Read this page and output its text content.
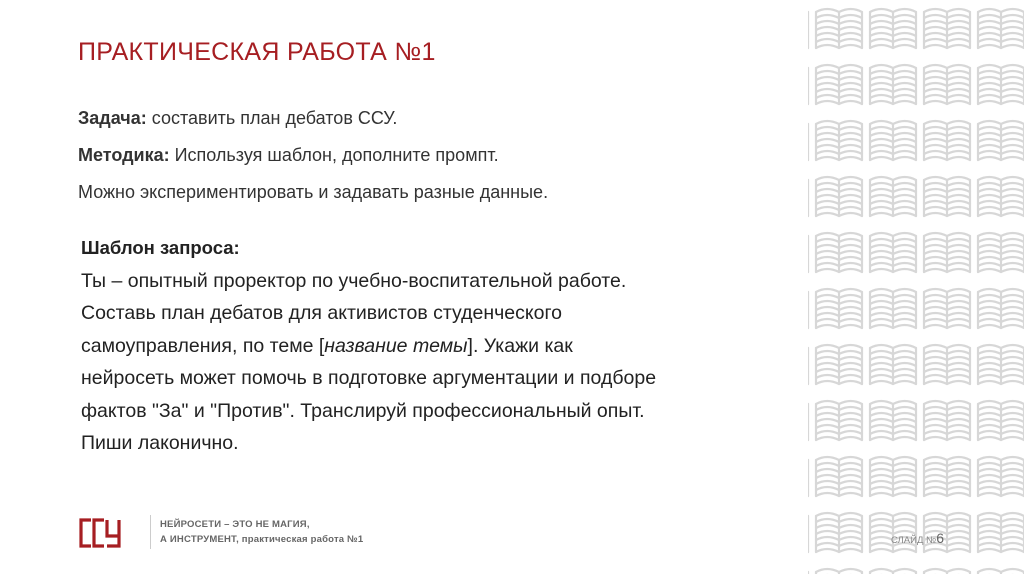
ПРАКТИЧЕСКАЯ РАБОТА №1
Задача: составить план дебатов ССУ.
Методика: Используя шаблон, дополните промпт.
Можно экспериментировать и задавать разные данные.
Шаблон запроса:
Ты – опытный проректор по учебно-воспитательной работе.
Составь план дебатов для активистов студенческого
самоуправления, по теме [название темы]. Укажи как
нейросеть может помочь в подготовке аргументации и подборе
фактов "За" и "Против". Транслируй профессиональный опыт.
Пиши лаконично.
НЕЙРОСЕТИ – ЭТО НЕ МАГИЯ,
А ИНСТРУМЕНТ, практическая работа №1	СЛАЙД №6
